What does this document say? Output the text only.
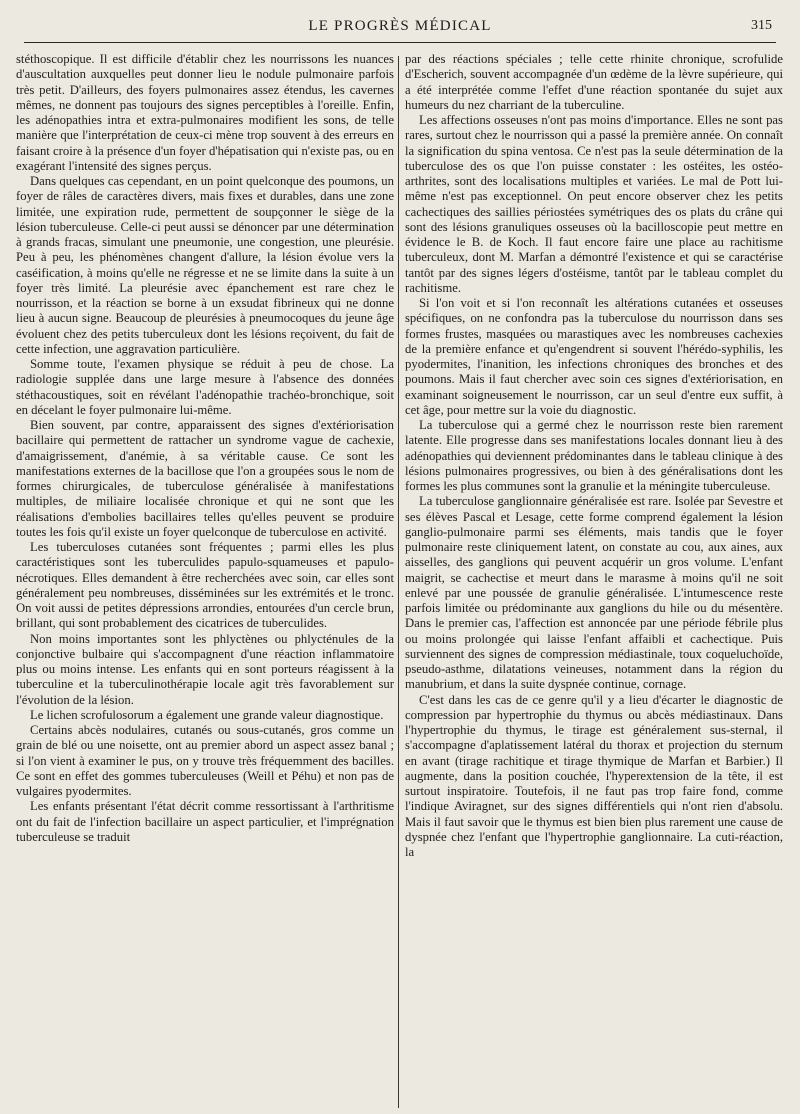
LE PROGRÈS MÉDICAL	315

stéthoscopique. Il est difficile d'établir chez les nourrissons les nuances d'auscultation auxquelles peut donner lieu le nodule pulmonaire parfois très petit. D'ailleurs, des foyers pulmonaires assez étendus, les cavernes mêmes, ne donnent pas toujours des signes perceptibles à l'oreille. Enfin, les adénopathies intra et extra-pulmonaires modifient les sons, de telle manière que l'interprétation de ceux-ci mène trop souvent à des erreurs en faisant croire à la présence d'un foyer d'hépatisation qui n'existe pas, ou en exagérant l'intensité des signes perçus.

Dans quelques cas cependant, en un point quelconque des poumons, un foyer de râles de caractères divers, mais fixes et durables, dans une zone limitée, une expiration rude, permettent de soupçonner le siège de la lésion tuberculeuse. Celle-ci peut aussi se dénoncer par une détermination à grands fracas, simulant une pneumonie, une congestion, une pleurésie. Peu à peu, les phénomènes changent d'allure, la lésion évolue vers la caséification, à moins qu'elle ne régresse et ne se limite dans la suite à un foyer très limité. La pleurésie avec épanchement est rare chez le nourrisson, et la réaction se borne à un exsudat fibrineux qui ne donne lieu à aucun signe. Beaucoup de pleurésies à pneumocoques du jeune âge évoluent chez des petits tuberculeux dont les lésions reçoivent, du fait de cette infection, une aggravation particulière.

Somme toute, l'examen physique se réduit à peu de chose. La radiologie supplée dans une large mesure à l'absence des données stéthacoustiques, soit en révélant l'adénopathie trachéo-bronchique, soit en décelant le foyer pulmonaire lui-même.

Bien souvent, par contre, apparaissent des signes d'extériorisation bacillaire qui permettent de rattacher un syndrome vague de cachexie, d'amaigrissement, d'anémie, à sa véritable cause. Ce sont les manifestations externes de la bacillose que l'on a groupées sous le nom de formes chirurgicales, de tuberculose généralisée à manifestations multiples, de miliaire localisée chronique et qui ne sont que les réalisations d'embolies bacillaires telles qu'elles peuvent se produire toutes les fois qu'il existe un foyer quelconque de tuberculose en activité.

Les tuberculoses cutanées sont fréquentes ; parmi elles les plus caractéristiques sont les tuberculides papulo-squameuses et papulo-nécrotiques. Elles demandent à être recherchées avec soin, car elles sont généralement peu nombreuses, disséminées sur les extrémités et le tronc. On voit aussi de petites dépressions arrondies, entourées d'un cercle brun, brillant, qui sont probablement des cicatrices de tuberculides.

Non moins importantes sont les phlyctènes ou phlycténules de la conjonctive bulbaire qui s'accompagnent d'une réaction inflammatoire plus ou moins intense. Les enfants qui en sont porteurs réagissent à la tuberculine et la tuberculinothérapie locale agit très favorablement sur l'évolution de la lésion.

Le lichen scrofulosorum a également une grande valeur diagnostique.

Certains abcès nodulaires, cutanés ou sous-cutanés, gros comme un grain de blé ou une noisette, ont au premier abord un aspect assez banal ; si l'on vient à examiner le pus, on y trouve très fréquemment des bacilles. Ce sont en effet des gommes tuberculeuses (Weill et Péhu) et non pas de vulgaires pyodermites.

Les enfants présentant l'état décrit comme ressortissant à l'arthritisme ont du fait de l'infection bacillaire un aspect particulier, et l'imprégnation tuberculeuse se traduit

par des réactions spéciales ; telle cette rhinite chronique, scrofulide d'Escherich, souvent accompagnée d'un œdème de la lèvre supérieure, qui a été interprétée comme l'effet d'une réaction spontanée du sujet aux humeurs du nez charriant de la tuberculine.

Les affections osseuses n'ont pas moins d'importance. Elles ne sont pas rares, surtout chez le nourrisson qui a passé la première année. On connaît la signification du spina ventosa. Ce n'est pas la seule détermination de la tuberculose des os que l'on puisse constater : les ostéites, les ostéo-arthrites, sont des localisations multiples et variées. Le mal de Pott lui-même n'est pas exceptionnel. On peut encore observer chez les petits cachectiques des saillies périostées symétriques des os plats du crâne qui sont des lésions granuliques osseuses où la bacilloscopie peut mettre en évidence le B. de Koch. Il faut encore faire une place au rachitisme tuberculeux, dont M. Marfan a démontré l'existence et qui se caractérise tantôt par des signes légers d'ostéisme, tantôt par le tableau complet du rachitisme.

Si l'on voit et si l'on reconnaît les altérations cutanées et osseuses spécifiques, on ne confondra pas la tuberculose du nourrisson dans ses formes frustes, masquées ou marastiques avec les nombreuses cachexies de la première enfance et qu'engendrent si souvent l'hérédo-syphilis, les pyodermites, l'inanition, les infections chroniques des bronches et des poumons. Mais il faut chercher avec soin ces signes d'extériorisation, en examinant soigneusement le nourrisson, car un seul d'entre eux suffit, à cet âge, pour mettre sur la voie du diagnostic.

La tuberculose qui a germé chez le nourrisson reste bien rarement latente. Elle progresse dans ses manifestations locales donnant lieu à des adénopathies qui deviennent prédominantes dans le tableau clinique à des lésions pulmonaires progressives, ou bien à des généralisations dont les formes les plus communes sont la granulie et la méningite tuberculeuse.

La tuberculose ganglionnaire généralisée est rare. Isolée par Sevestre et ses élèves Pascal et Lesage, cette forme comprend également la lésion ganglio-pulmonaire parmi ses éléments, mais tandis que le foyer pulmonaire reste cliniquement latent, on constate au cou, aux aines, aux aisselles, des ganglions qui peuvent acquérir un gros volume. L'enfant maigrit, se cachectise et meurt dans le marasme à moins qu'il ne soit enlevé par une poussée de granulie généralisée. L'intumescence reste parfois limitée ou prédominante aux ganglions du hile ou du mésentère. Dans le premier cas, l'affection est annoncée par une période fébrile plus ou moins prolongée qui laisse l'enfant affaibli et cachectique. Puis surviennent des signes de compression médiastinale, toux coqueluchoïde, pseudo-asthme, dilatations veineuses, notamment dans la région du manubrium, et dans la suite dyspnée continue, cornage.

C'est dans les cas de ce genre qu'il y a lieu d'écarter le diagnostic de compression par hypertrophie du thymus ou abcès médiastinaux. Dans l'hypertrophie du thymus, le tirage est généralement sus-sternal, il s'accompagne d'aplatissement latéral du thorax et projection du sternum en avant (tirage rachitique et tirage thymique de Marfan et Barbier.) Il augmente, dans la position couchée, l'hyperextension de la tête, il est surtout inspiratoire. Toutefois, il ne faut pas trop faire fond, comme l'indique Aviragnet, sur des signes différentiels qui n'ont rien d'absolu. Mais il faut savoir que le thymus est bien bien plus rarement une cause de dyspnée chez l'enfant que l'hypertrophie ganglionnaire. La cuti-réaction, la
